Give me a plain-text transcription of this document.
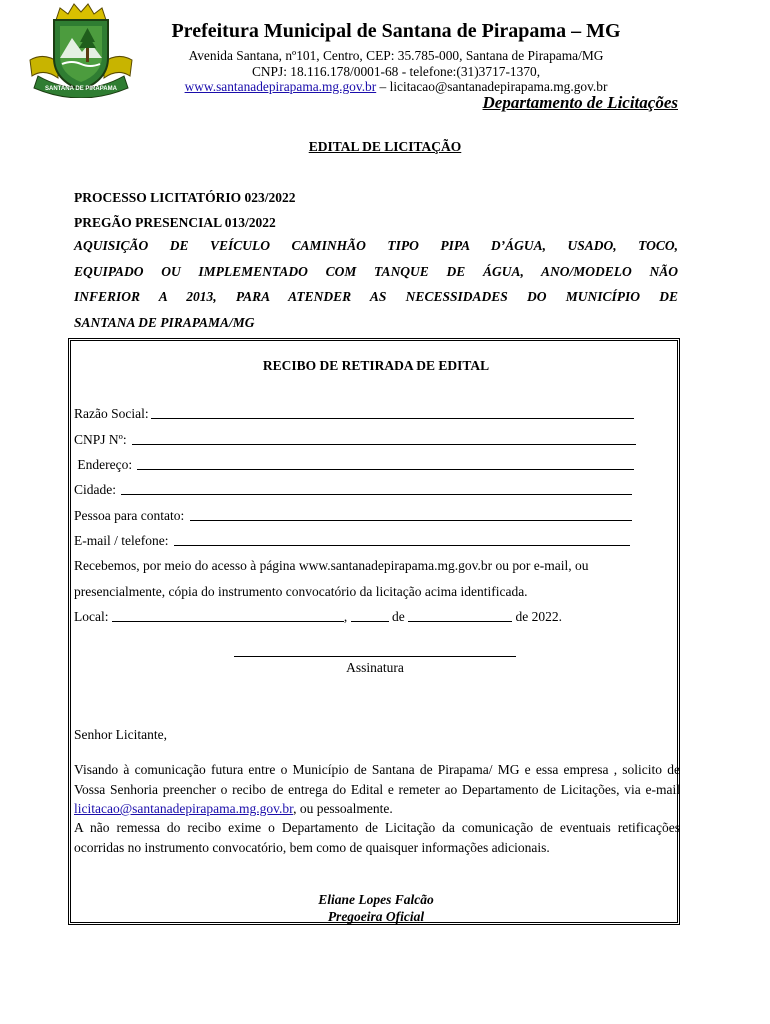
SANTANA DE PIRAPAMA
Prefeitura Municipal de Santana de Pirapama – MG
Avenida Santana, nº101, Centro, CEP: 35.785-000, Santana de Pirapama/MG
CNPJ: 18.116.178/0001-68 - telefone:(31)3717-1370,
www.santanadepirapama.mg.gov.br – licitacao@santanadepirapama.mg.gov.br
Departamento de Licitações
EDITAL DE LICITAÇÃO
PROCESSO LICITATÓRIO 023/2022
PREGÃO PRESENCIAL 013/2022
AQUISIÇÃO DE VEÍCULO CAMINHÃO TIPO PIPA D’ÁGUA, USADO, TOCO,
EQUIPADO OU IMPLEMENTADO COM TANQUE DE ÁGUA, ANO/MODELO NÃO
INFERIOR A 2013, PARA ATENDER AS NECESSIDADES DO MUNICÍPIO DE
SANTANA DE PIRAPAMA/MG
RECIBO DE RETIRADA DE EDITAL
Razão Social:
CNPJ Nº:
Endereço:
Cidade:
Pessoa para contato:
E-mail / telefone:
Recebemos, por meio do acesso à página www.santanadepirapama.mg.gov.br ou por e-mail, ou
presencialmente, cópia do instrumento convocatório da licitação acima identificada.
Local:	,	de	de 2022.
Assinatura
Senhor Licitante,
Visando à comunicação futura entre o Município de Santana de Pirapama/ MG e essa empresa , solicito de Vossa Senhoria preencher o recibo de entrega do Edital e remeter ao Departamento de Licitações, via e-mail licitacao@santanadepirapama.mg.gov.br, ou pessoalmente.
A não remessa do recibo exime o Departamento de Licitação da comunicação de eventuais retificações ocorridas no instrumento convocatório, bem como de quaisquer informações adicionais.
Eliane Lopes Falcão
Pregoeira Oficial
